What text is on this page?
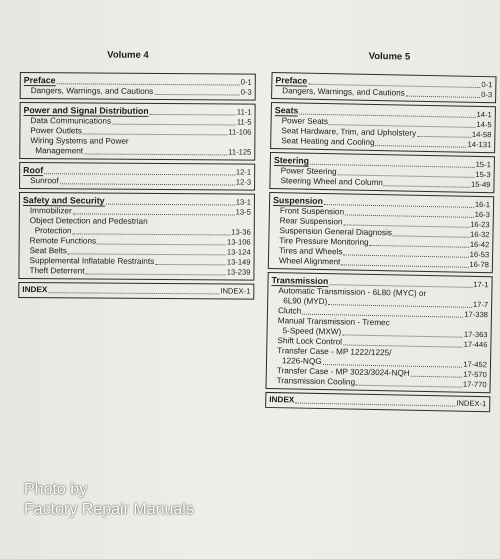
Volume 4
Preface	0-1
Dangers, Warnings, and Cautions	0-3
Power and Signal Distribution	11-1
Data Communications	11-5
Power Outlets	11-106
Wiring Systems and Power
Management	11-125
Roof	12-1
Sunroof	12-3
Safety and Security	13-1
Immobilizer	13-5
Object Detection and Pedestrian
Protection	13-36
Remote Functions	13-106
Seat Belts	13-124
Supplemental Inflatable Restraints	13-149
Theft Deterrent	13-239
INDEX	INDEX-1
Volume 5
Preface	0-1
Dangers, Warnings, and Cautions	0-3
Seats	14-1
Power Seats	14-5
Seat Hardware, Trim, and Upholstery	14-58
Seat Heating and Cooling	14-131
Steering	15-1
Power Steering	15-3
Steering Wheel and Column	15-49
Suspension	16-1
Front Suspension	16-3
Rear Suspension	16-23
Suspension General Diagnosis	16-32
Tire Pressure Monitoring	16-42
Tires and Wheels	16-53
Wheel Alignment	16-78
Transmission	17-1
Automatic Transmission - 6L80 (MYC) or
6L90 (MYD)	17-7
Clutch	17-338
Manual Transmission - Tremec
5-Speed (MXW)	17-363
Shift Lock Control	17-446
Transfer Case - MP 1222/1225/
1226-NQG	17-452
Transfer Case - MP 3023/3024-NQH	17-570
Transmission Cooling	17-770
INDEX	INDEX-1
Photo by
Factory Repair Manuals
